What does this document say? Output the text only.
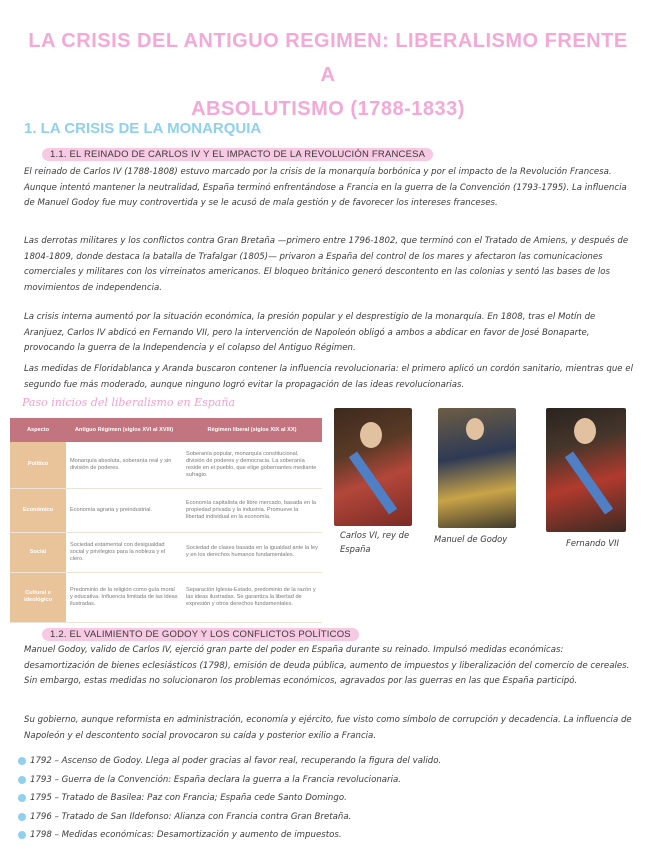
LA CRISIS DEL ANTIGUO REGIMEN: LIBERALISMO FRENTE A
ABSOLUTISMO (1788-1833)
1. LA CRISIS DE LA MONARQUIA
1.1. EL REINADO DE CARLOS IV Y EL IMPACTO DE LA REVOLUCIÓN FRANCESA
El reinado de Carlos IV (1788-1808) estuvo marcado por la crisis de la monarquía borbónica y por el impacto de la Revolución Francesa. Aunque intentó mantener la neutralidad, España terminó enfrentándose a Francia en la guerra de la Convención (1793-1795). La influencia de Manuel Godoy fue muy controvertida y se le acusó de mala gestión y de favorecer los intereses franceses.
Las derrotas militares y los conflictos contra Gran Bretaña —primero entre 1796-1802, que terminó con el Tratado de Amiens, y después de 1804-1809, donde destaca la batalla de Trafalgar (1805)— privaron a España del control de los mares y afectaron las comunicaciones comerciales y militares con los virreinatos americanos. El bloqueo británico generó descontento en las colonias y sentó las bases de los movimientos de independencia.
La crisis interna aumentó por la situación económica, la presión popular y el desprestigio de la monarquía. En 1808, tras el Motín de Aranjuez, Carlos IV abdicó en Fernando VII, pero la intervención de Napoleón obligó a ambos a abdicar en favor de José Bonaparte, provocando la guerra de la Independencia y el colapso del Antiguo Régimen.
Las medidas de Floridablanca y Aranda buscaron contener la influencia revolucionaria: el primero aplicó un cordón sanitario, mientras que el segundo fue más moderado, aunque ninguno logró evitar la propagación de las ideas revolucionarias.
Paso inicios del liberalismo en España
Aspecto	Antiguo Régimen (siglos XVI al XVIII)	Régimen liberal (siglos XIX al XX)
Político	Monarquía absoluta, soberanía real y sin división de poderes.	Soberanía popular, monarquía constitucional, división de poderes y democracia. La soberanía reside en el pueblo, que elige gobernantes mediante sufragio.
Económico	Economía agraria y preindustrial.	Economía capitalista de libre mercado, basada en la propiedad privada y la industria. Promueve la libertad individual en la economía.
Social	Sociedad estamental con desigualdad social y privilegios para la nobleza y el clero.	Sociedad de clases basada en la igualdad ante la ley y en los derechos humanos fundamentales.
Cultural e ideológico	Predominio de la religión como guía moral y educativa. Influencia limitada de las ideas ilustradas.	Separación Iglesia-Estado, predominio de la razón y las ideas ilustradas. Se garantiza la libertad de expresión y otros derechos fundamentales.
Carlos VI, rey de España
Manuel de Godoy	Fernando VII
1.2. EL VALIMIENTO DE GODOY Y LOS CONFLICTOS POLÍTICOS
Manuel Godoy, valido de Carlos IV, ejerció gran parte del poder en España durante su reinado. Impulsó medidas económicas: desamortización de bienes eclesiásticos (1798), emisión de deuda pública, aumento de impuestos y liberalización del comercio de cereales. Sin embargo, estas medidas no solucionaron los problemas económicos, agravados por las guerras en las que España participó.
Su gobierno, aunque reformista en administración, economía y ejército, fue visto como símbolo de corrupción y decadencia. La influencia de Napoleón y el descontento social provocaron su caída y posterior exilio a Francia.
1792 – Ascenso de Godoy. Llega al poder gracias al favor real, recuperando la figura del valido.
1793 – Guerra de la Convención: España declara la guerra a la Francia revolucionaria.
1795 – Tratado de Basilea: Paz con Francia; España cede Santo Domingo.
1796 – Tratado de San Ildefonso: Alianza con Francia contra Gran Bretaña.
1798 – Medidas económicas: Desamortización y aumento de impuestos.
